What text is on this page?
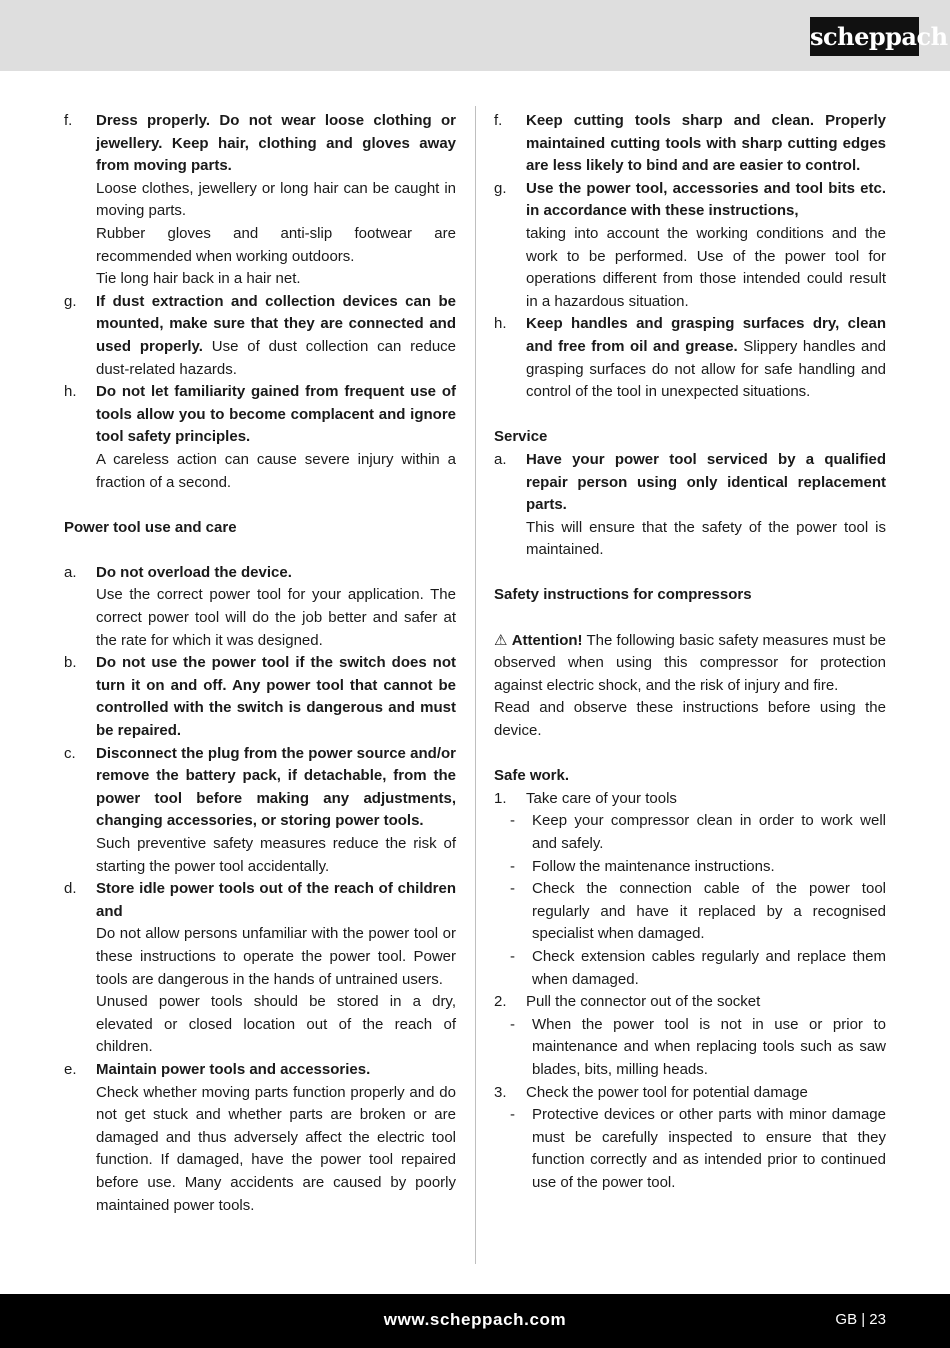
scheppach
f.	Dress properly. Do not wear loose clothing or jewellery. Keep hair, clothing and gloves away from moving parts.
Loose clothes, jewellery or long hair can be caught in moving parts.
Rubber gloves and anti-slip footwear are recommended when working outdoors.
Tie long hair back in a hair net.
g.	If dust extraction and collection devices can be mounted, make sure that they are connected and used properly. Use of dust collection can reduce dust-related hazards.
h.	Do not let familiarity gained from frequent use of tools allow you to become complacent and ignore tool safety principles.
A careless action can cause severe injury within a fraction of a second.
Power tool use and care
a.	Do not overload the device.
Use the correct power tool for your application. The correct power tool will do the job better and safer at the rate for which it was designed.
b.	Do not use the power tool if the switch does not turn it on and off. Any power tool that cannot be controlled with the switch is dangerous and must be repaired.
c.	Disconnect the plug from the power source and/or remove the battery pack, if detachable, from the power tool before making any adjustments, changing accessories, or storing power tools.
Such preventive safety measures reduce the risk of starting the power tool accidentally.
d.	Store idle power tools out of the reach of children and
Do not allow persons unfamiliar with the power tool or these instructions to operate the power tool. Power tools are dangerous in the hands of untrained users.
Unused power tools should be stored in a dry, elevated or closed location out of the reach of children.
e.	Maintain power tools and accessories.
Check whether moving parts function properly and do not get stuck and whether parts are broken or are damaged and thus adversely affect the electric tool function. If damaged, have the power tool repaired before use. Many accidents are caused by poorly maintained power tools.
f.	Keep cutting tools sharp and clean. Properly maintained cutting tools with sharp cutting edges are less likely to bind and are easier to control.
g.	Use the power tool, accessories and tool bits etc. in accordance with these instructions,
taking into account the working conditions and the work to be performed. Use of the power tool for operations different from those intended could result in a hazardous situation.
h.	Keep handles and grasping surfaces dry, clean and free from oil and grease. Slippery handles and grasping surfaces do not allow for safe handling and control of the tool in unexpected situations.
Service
a.	Have your power tool serviced by a qualified repair person using only identical replacement parts.
This will ensure that the safety of the power tool is maintained.
Safety instructions for compressors
⚠ Attention! The following basic safety measures must be observed when using this compressor for protection against electric shock, and the risk of injury and fire.
Read and observe these instructions before using the device.
Safe work.
1.	Take care of your tools
-	Keep your compressor clean in order to work well and safely.
-	Follow the maintenance instructions.
-	Check the connection cable of the power tool regularly and have it replaced by a recognised specialist when damaged.
-	Check extension cables regularly and replace them when damaged.
2.	Pull the connector out of the socket
-	When the power tool is not in use or prior to maintenance and when replacing tools such as saw blades, bits, milling heads.
3.	Check the power tool for potential damage
-	Protective devices or other parts with minor damage must be carefully inspected to ensure that they function correctly and as intended prior to continued use of the power tool.
www.scheppach.com	GB | 23
